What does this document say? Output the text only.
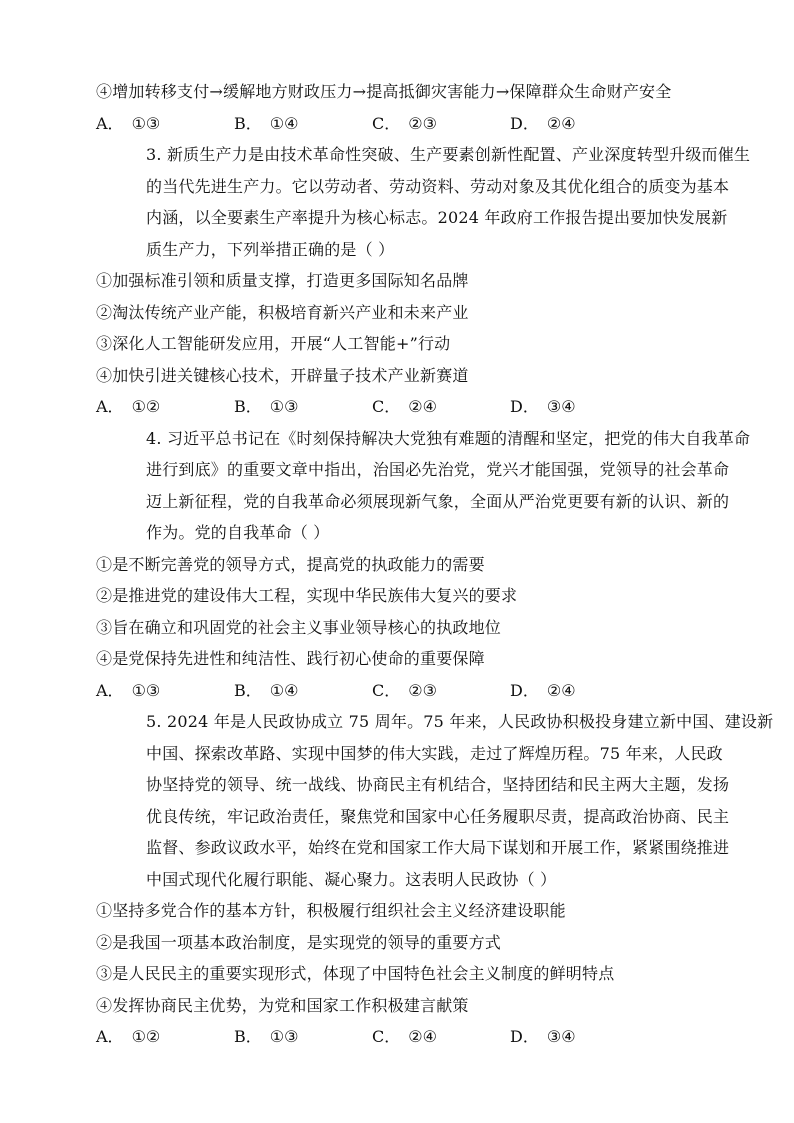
④增加转移支付→缓解地方财政压力→提高抵御灾害能力→保障群众生命财产安全
A． ①③	B． ①④	C． ②③	D． ②④
3. 新质生产力是由技术革命性突破、生产要素创新性配置、产业深度转型升级而催生
的当代先进生产力。它以劳动者、劳动资料、劳动对象及其优化组合的质变为基本
内涵，以全要素生产率提升为核心标志。2024 年政府工作报告提出要加快发展新
质生产力，下列举措正确的是（ ）
①加强标准引领和质量支撑，打造更多国际知名品牌
②淘汰传统产业产能，积极培育新兴产业和未来产业
③深化人工智能研发应用，开展“人工智能+”行动
④加快引进关键核心技术，开辟量子技术产业新赛道
A． ①②	B． ①③	C． ②④	D． ③④
4. 习近平总书记在《时刻保持解决大党独有难题的清醒和坚定，把党的伟大自我革命
进行到底》的重要文章中指出，治国必先治党，党兴才能国强，党领导的社会革命
迈上新征程，党的自我革命必须展现新气象，全面从严治党更要有新的认识、新的
作为。党的自我革命（ ）
①是不断完善党的领导方式，提高党的执政能力的需要
②是推进党的建设伟大工程，实现中华民族伟大复兴的要求
③旨在确立和巩固党的社会主义事业领导核心的执政地位
④是党保持先进性和纯洁性、践行初心使命的重要保障
A． ①③	B． ①④	C． ②③	D． ②④
5. 2024 年是人民政协成立 75 周年。75 年来，人民政协积极投身建立新中国、建设新
中国、探索改革路、实现中国梦的伟大实践，走过了辉煌历程。75 年来，人民政
协坚持党的领导、统一战线、协商民主有机结合，坚持团结和民主两大主题，发扬
优良传统，牢记政治责任，聚焦党和国家中心任务履职尽责，提高政治协商、民主
监督、参政议政水平，始终在党和国家工作大局下谋划和开展工作，紧紧围绕推进
中国式现代化履行职能、凝心聚力。这表明人民政协（ ）
①坚持多党合作的基本方针，积极履行组织社会主义经济建设职能
②是我国一项基本政治制度，是实现党的领导的重要方式
③是人民民主的重要实现形式，体现了中国特色社会主义制度的鲜明特点
④发挥协商民主优势，为党和国家工作积极建言献策
A． ①②	B． ①③	C． ②④	D． ③④
